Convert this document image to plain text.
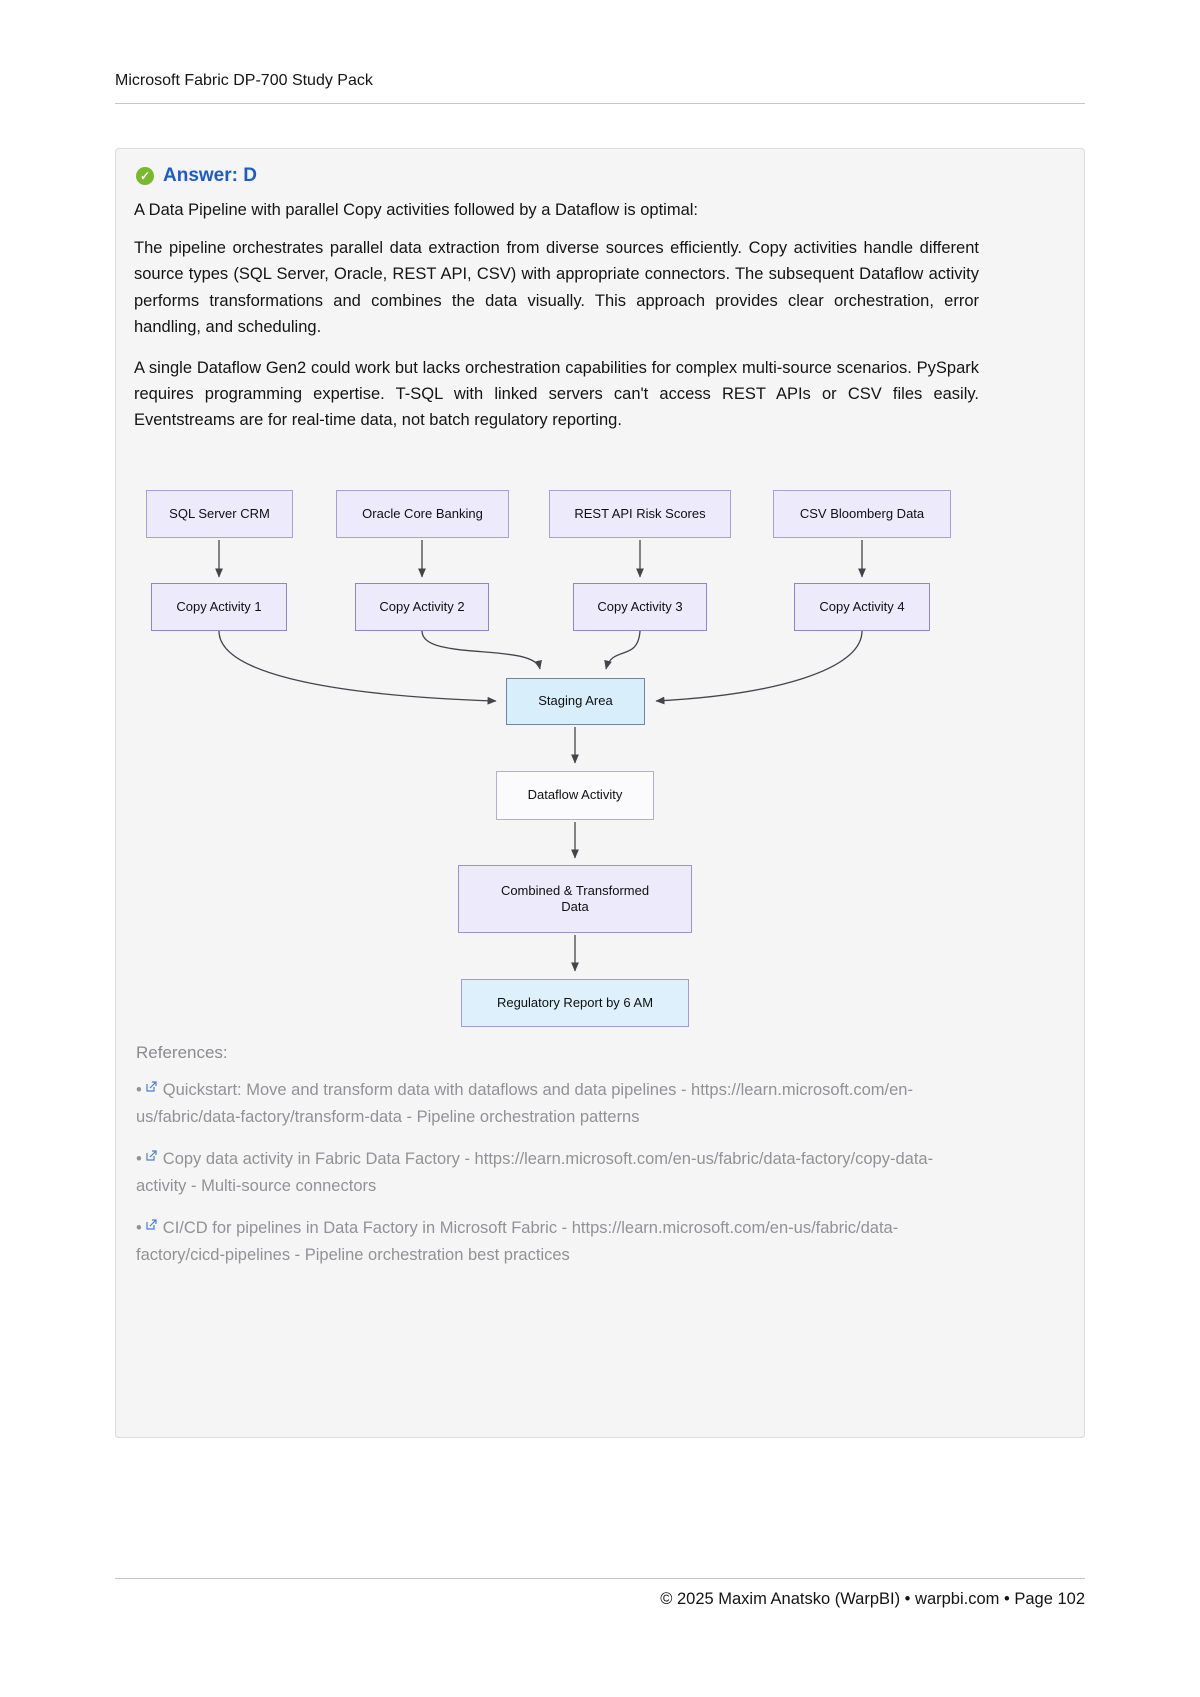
Microsoft Fabric DP-700 Study Pack
✓ Answer: D

A Data Pipeline with parallel Copy activities followed by a Dataflow is optimal:

The pipeline orchestrates parallel data extraction from diverse sources efficiently. Copy activities handle different source types (SQL Server, Oracle, REST API, CSV) with appropriate connectors. The subsequent Dataflow activity performs transformations and combines the data visually. This approach provides clear orchestration, error handling, and scheduling.

A single Dataflow Gen2 could work but lacks orchestration capabilities for complex multi-source scenarios. PySpark requires programming expertise. T-SQL with linked servers can't access REST APIs or CSV files easily. Eventstreams are for real-time data, not batch regulatory reporting.

SQL Server CRM	Oracle Core Banking	REST API Risk Scores	CSV Bloomberg Data
Copy Activity 1	Copy Activity 2	Copy Activity 3	Copy Activity 4
Staging Area
Dataflow Activity
Combined & Transformed Data
Regulatory Report by 6 AM

References:

• Quickstart: Move and transform data with dataflows and data pipelines - https://learn.microsoft.com/en-us/fabric/data-factory/transform-data - Pipeline orchestration patterns

• Copy data activity in Fabric Data Factory - https://learn.microsoft.com/en-us/fabric/data-factory/copy-data-activity - Multi-source connectors

• CI/CD for pipelines in Data Factory in Microsoft Fabric - https://learn.microsoft.com/en-us/fabric/data-factory/cicd-pipelines - Pipeline orchestration best practices

© 2025 Maxim Anatsko (WarpBI) • warpbi.com • Page 102
